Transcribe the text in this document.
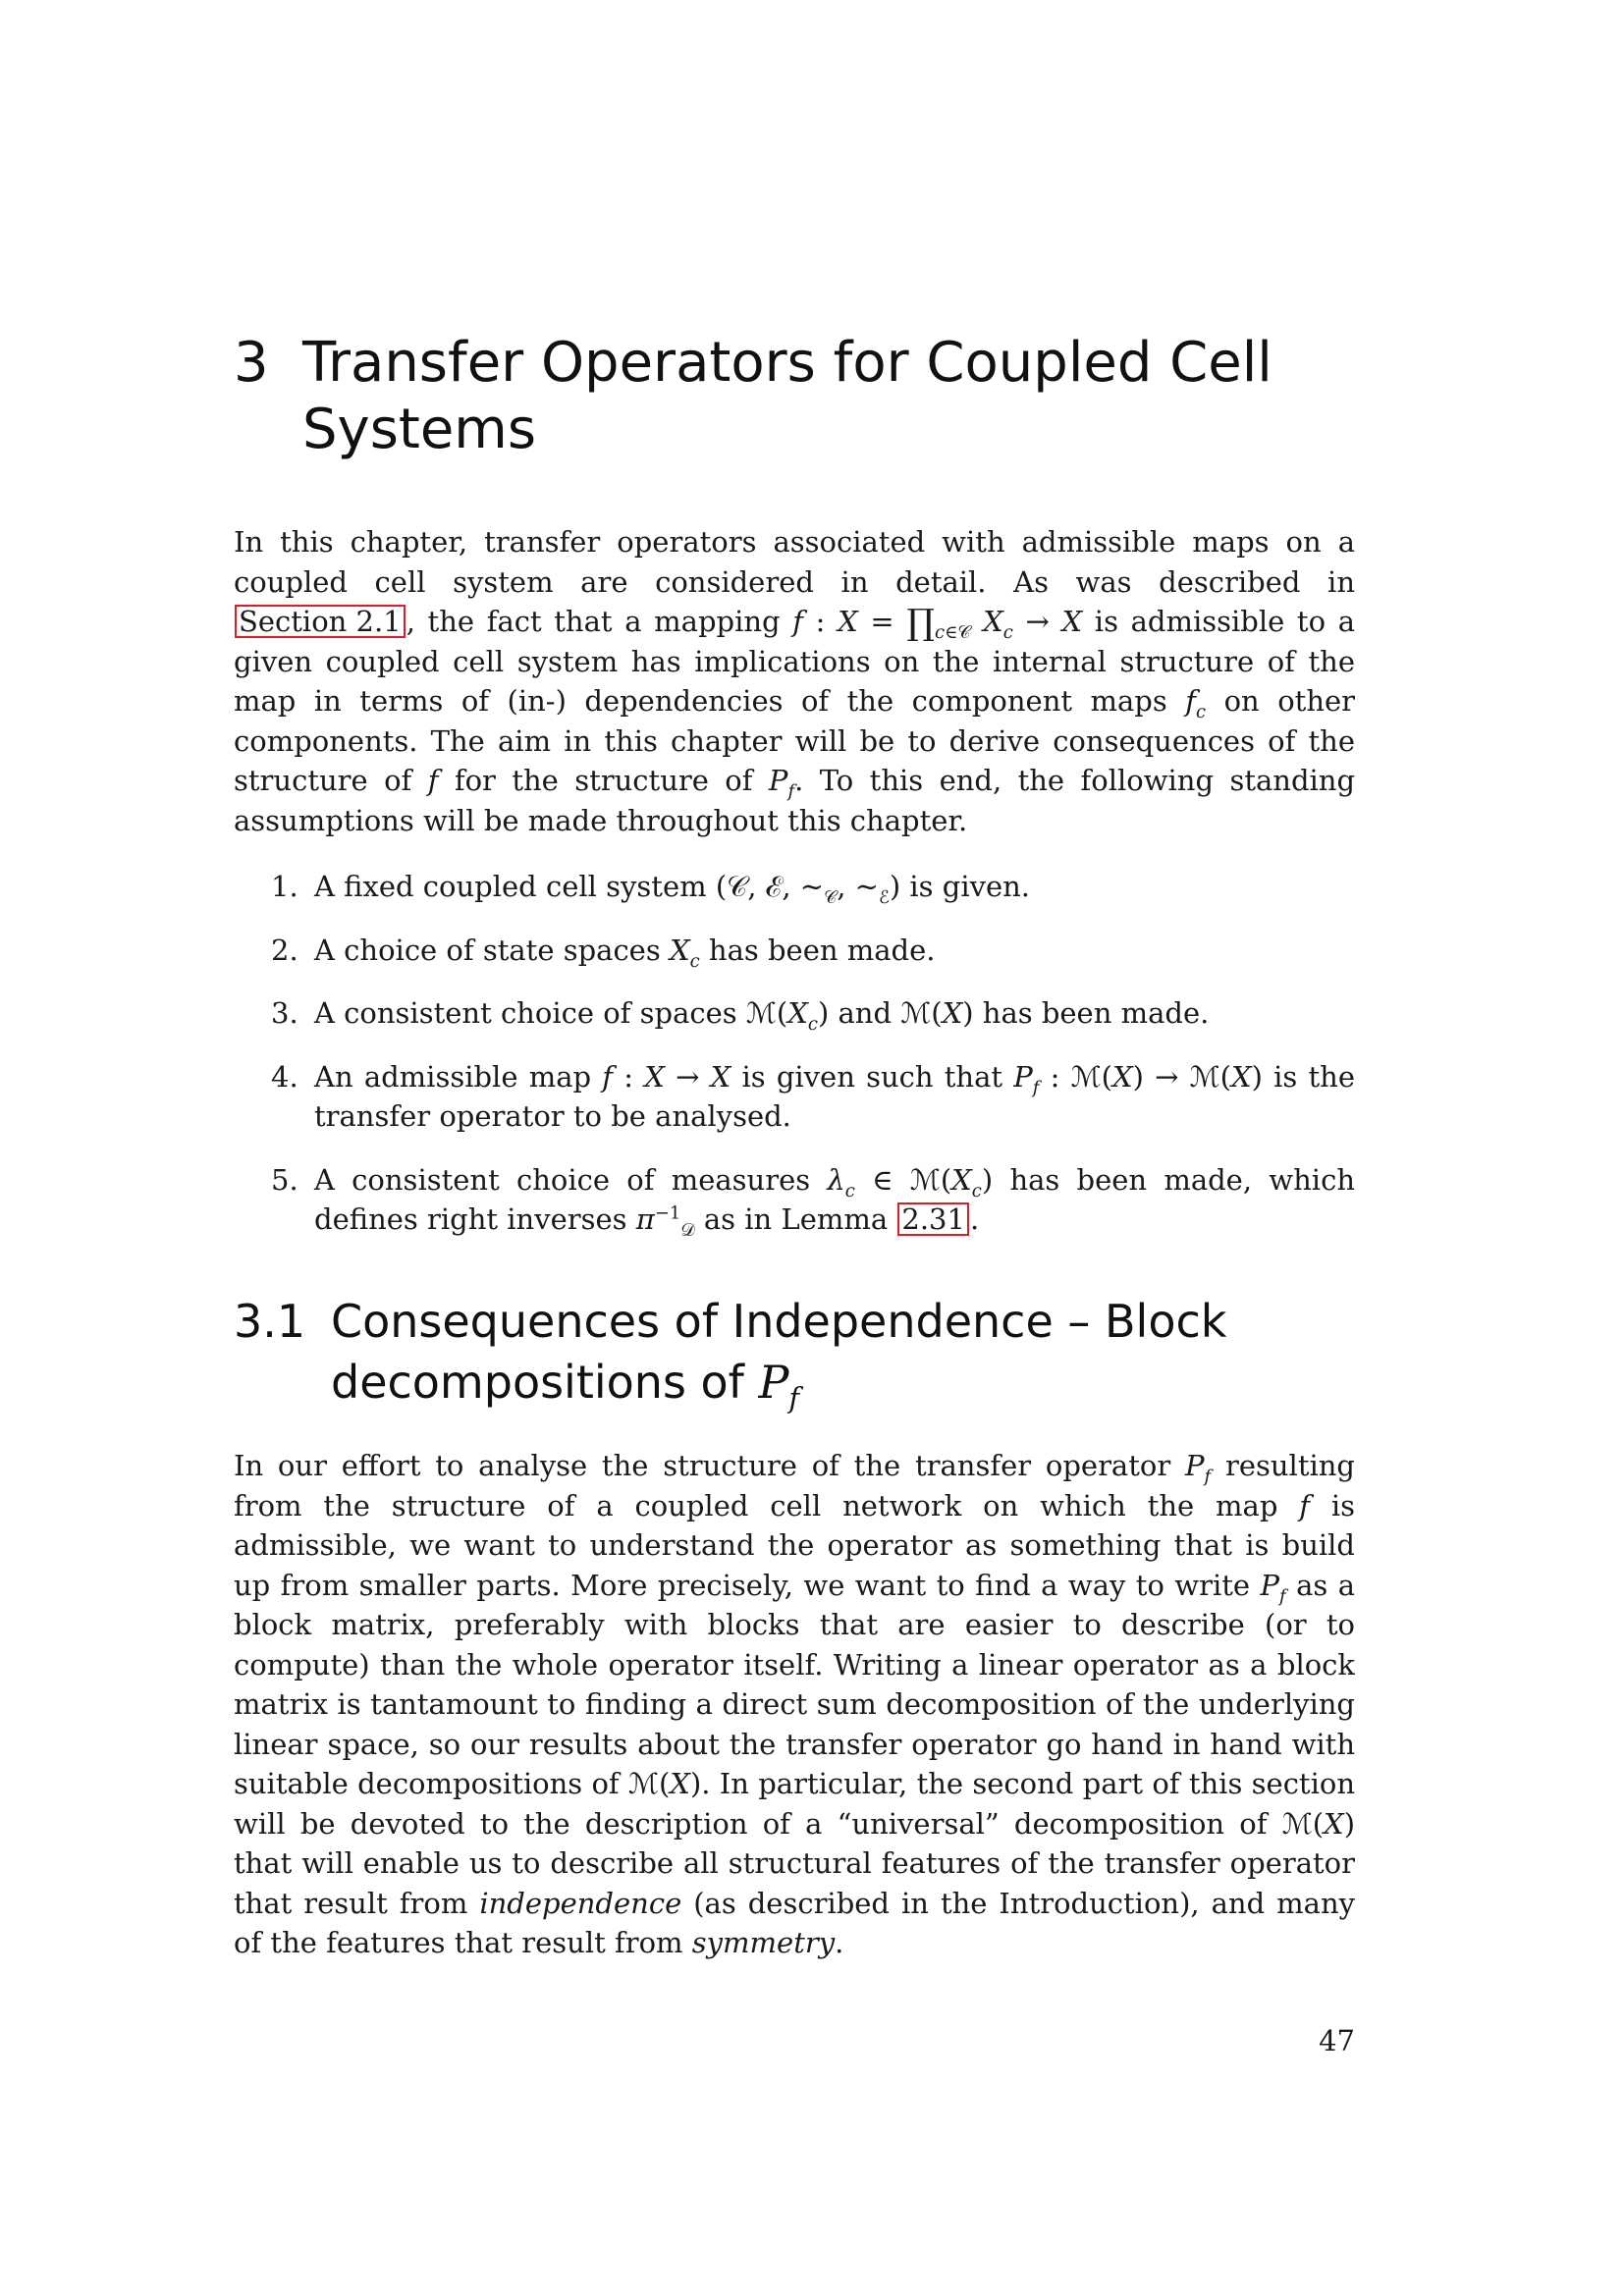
3 Transfer Operators for Coupled Cell
Systems

In this chapter, transfer operators associated with admissible maps on a coupled cell system are considered in detail. As was described in Section 2.1 , the fact that a mapping f : $X = \prod_{c\in 𝒞}$ $X_c \to X$ is admissible to a given coupled cell system has implications on the internal structure of the map in terms of (in-) dependencies of the component maps $f_c$ on other components. The aim in this chapter will be to derive consequences of the structure of f for the structure of $P_f$. To this end, the following standing assumptions will be made throughout this chapter.

1. A fixed coupled cell system (𝒞, ℰ, $\sim_𝒞$, $\sim_ℰ$) is given.
2. A choice of state spaces $X_c$ has been made.
3. A consistent choice of spaces $ℳ(X_c)$ and ℳ(X) has been made.
4. An admissible map f : X → X is given such that $P_f$ : ℳ(X) → ℳ(X) is the transfer operator to be analysed.
5. A consistent choice of measures $\lambda_c$ ∈ $ℳ(X_c)$ has been made, which defines right inverses $\pi^{-1}_𝒟$ as in Lemma 2.31 .
3.1 Consequences of Independence – Block
decompositions of $P_f$

In our effort to analyse the structure of the transfer operator $P_f$ resulting from the structure of a coupled cell network on which the map f is admissible, we want to understand the operator as something that is build up from smaller parts. More precisely, we want to find a way to write $P_f$ as a block matrix, preferably with blocks that are easier to describe (or to compute) than the whole operator itself. Writing a linear operator as a block matrix is tantamount to finding a direct sum decomposition of the underlying linear space, so our results about the transfer operator go hand in hand with suitable decompositions of ℳ(X). In particular, the second part of this section will be devoted to the description of a “universal” decomposition of ℳ(X) that will enable us to describe all structural features of the transfer operator that result from independence (as described in the Introduction), and many of the features that result from symmetry.

47
